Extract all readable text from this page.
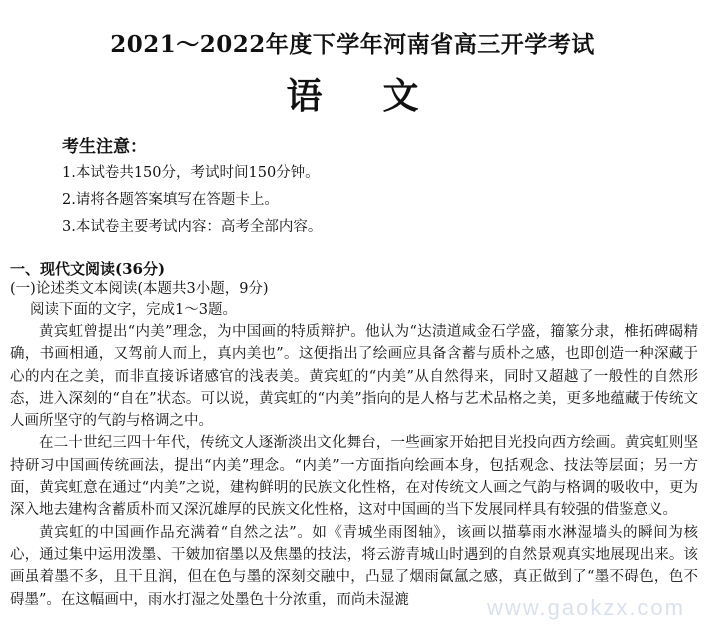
2021～2022年度下学年河南省高三开学考试
语文
考生注意：
1.本试卷共150分，考试时间150分钟。
2.请将各题答案填写在答题卡上。
3.本试卷主要考试内容：高考全部内容。
一、现代文阅读(36分)
(一)论述类文本阅读(本题共3小题，9分)
阅读下面的文字，完成1～3题。

黄宾虹曾提出“内美”理念，为中国画的特质辩护。他认为“达渍道咸金石学盛，籀篆分隶，椎拓碑碣精确，书画相通，又驾前人而上，真内美也”。这便指出了绘画应具备含蓄与质朴之感，也即创造一种深藏于心的内在之美，而非直接诉诸感官的浅表美。黄宾虹的“内美”从自然得来，同时又超越了一般性的自然形态，进入深刻的“自在”状态。可以说，黄宾虹的“内美”指向的是人格与艺术品格之美，更多地蕴藏于传统文人画所坚守的气韵与格调之中。

在二十世纪三四十年代，传统文人逐渐淡出文化舞台，一些画家开始把目光投向西方绘画。黄宾虹则坚持研习中国画传统画法，提出“内美”理念。“内美”一方面指向绘画本身，包括观念、技法等层面；另一方面，黄宾虹意在通过“内美”之说，建构鲜明的民族文化性格，在对传统文人画之气韵与格调的吸收中，更为深入地去建构含蓄质朴而又深沉雄厚的民族文化性格，这对中国画的当下发展同样具有较强的借鉴意义。

黄宾虹的中国画作品充满着“自然之法”。如《青城坐雨图轴》，该画以描摹雨水淋湿墙头的瞬间为核心，通过集中运用泼墨、干皴加宿墨以及焦墨的技法，将云游青城山时遇到的自然景观真实地展现出来。该画虽着墨不多，且干且润，但在色与墨的深刻交融中，凸显了烟雨氤氲之感，真正做到了“墨不碍色，色不碍墨”。在这幅画中，雨水打湿之处墨色十分浓重，而尚未湿漉	www.gaokzx.com
